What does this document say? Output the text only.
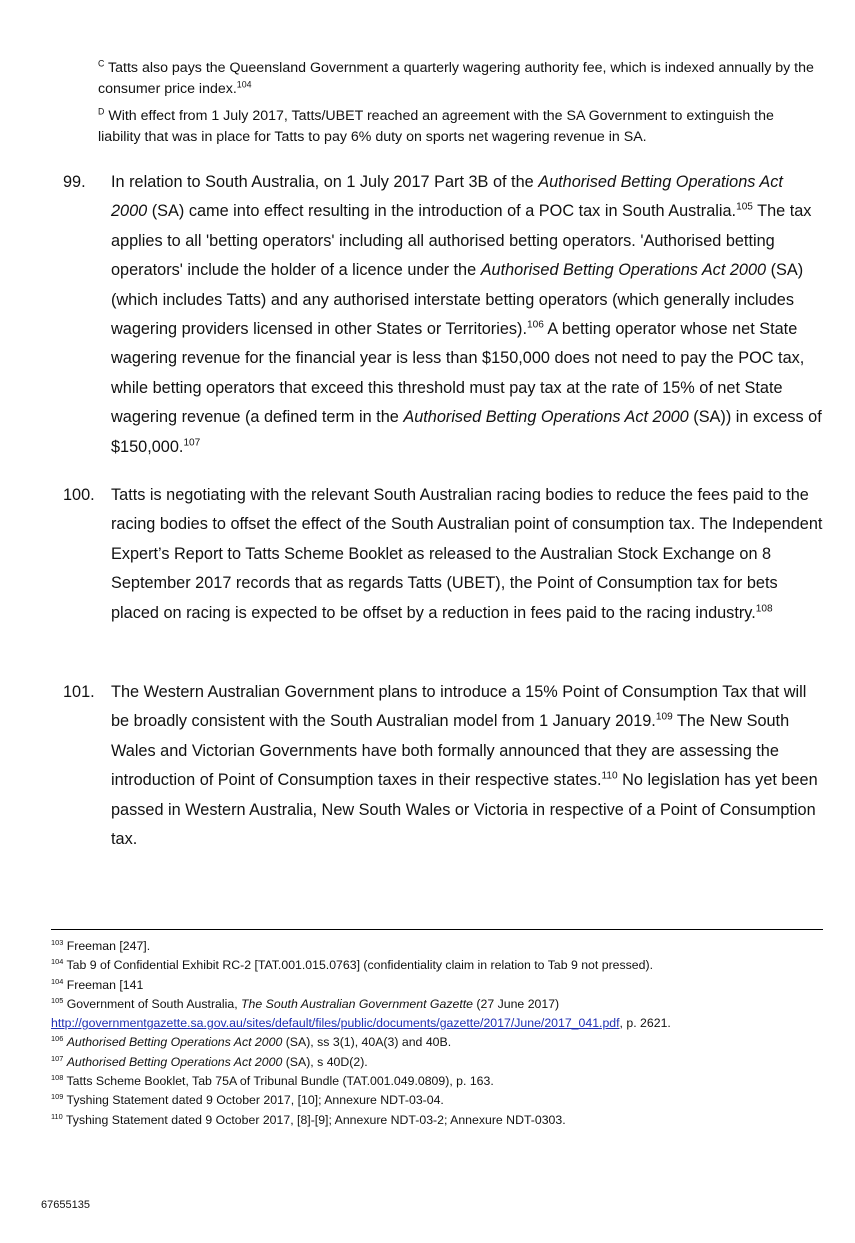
$^C$ Tatts also pays the Queensland Government a quarterly wagering authority fee, which is indexed annually by the consumer price index.$^{104}$

$^D$ With effect from 1 July 2017, Tatts/UBET reached an agreement with the SA Government to extinguish the liability that was in place for Tatts to pay 6% duty on sports net wagering revenue in SA.

99.	In relation to South Australia, on 1 July 2017 Part 3B of the Authorised Betting Operations Act 2000 (SA) came into effect resulting in the introduction of a POC tax in South Australia.$^{105}$ The tax applies to all 'betting operators' including all authorised betting operators. 'Authorised betting operators' include the holder of a licence under the Authorised Betting Operations Act 2000 (SA) (which includes Tatts) and any authorised interstate betting operators (which generally includes wagering providers licensed in other States or Territories).$^{106}$ A betting operator whose net State wagering revenue for the financial year is less than $150,000 does not need to pay the POC tax, while betting operators that exceed this threshold must pay tax at the rate of 15% of net State wagering revenue (a defined term in the Authorised Betting Operations Act 2000 (SA)) in excess of $150,000.$^{107}$
100. Tatts is negotiating with the relevant South Australian racing bodies to reduce the fees paid to the racing bodies to offset the effect of the South Australian point of consumption tax. The Independent Expert’s Report to Tatts Scheme Booklet as released to the Australian Stock Exchange on 8 September 2017 records that as regards Tatts (UBET), the Point of Consumption tax for bets placed on racing is expected to be offset by a reduction in fees paid to the racing industry.$^{108}$
101. The Western Australian Government plans to introduce a 15% Point of Consumption Tax that will be broadly consistent with the South Australian model from 1 January 2019.$^{109}$ The New South Wales and Victorian Governments have both formally announced that they are assessing the introduction of Point of Consumption taxes in their respective states.$^{110}$ No legislation has yet been passed in Western Australia, New South Wales or Victoria in respective of a Point of Consumption tax.

$^{103}$ Freeman [247].

$^{104}$ Tab 9 of Confidential Exhibit RC-2 [TAT.001.015.0763] (confidentiality claim in relation to Tab 9 not pressed).

$^{104}$ Freeman [141

$^{105}$ Government of South Australia, The South Australian Government Gazette (27 June 2017)
http://governmentgazette.sa.gov.au/sites/default/files/public/documents/gazette/2017/June/2017_041.pdf, p. 2621.

$^{106}$ Authorised Betting Operations Act 2000 (SA), ss 3(1), 40A(3) and 40B.

$^{107}$ Authorised Betting Operations Act 2000 (SA), s 40D(2).

$^{108}$ Tatts Scheme Booklet, Tab 75A of Tribunal Bundle (TAT.001.049.0809), p. 163.

$^{109}$ Tyshing Statement dated 9 October 2017, [10]; Annexure NDT-03-04.

$^{110}$ Tyshing Statement dated 9 October 2017, [8]-[9]; Annexure NDT-03-2; Annexure NDT-0303.

67655135
